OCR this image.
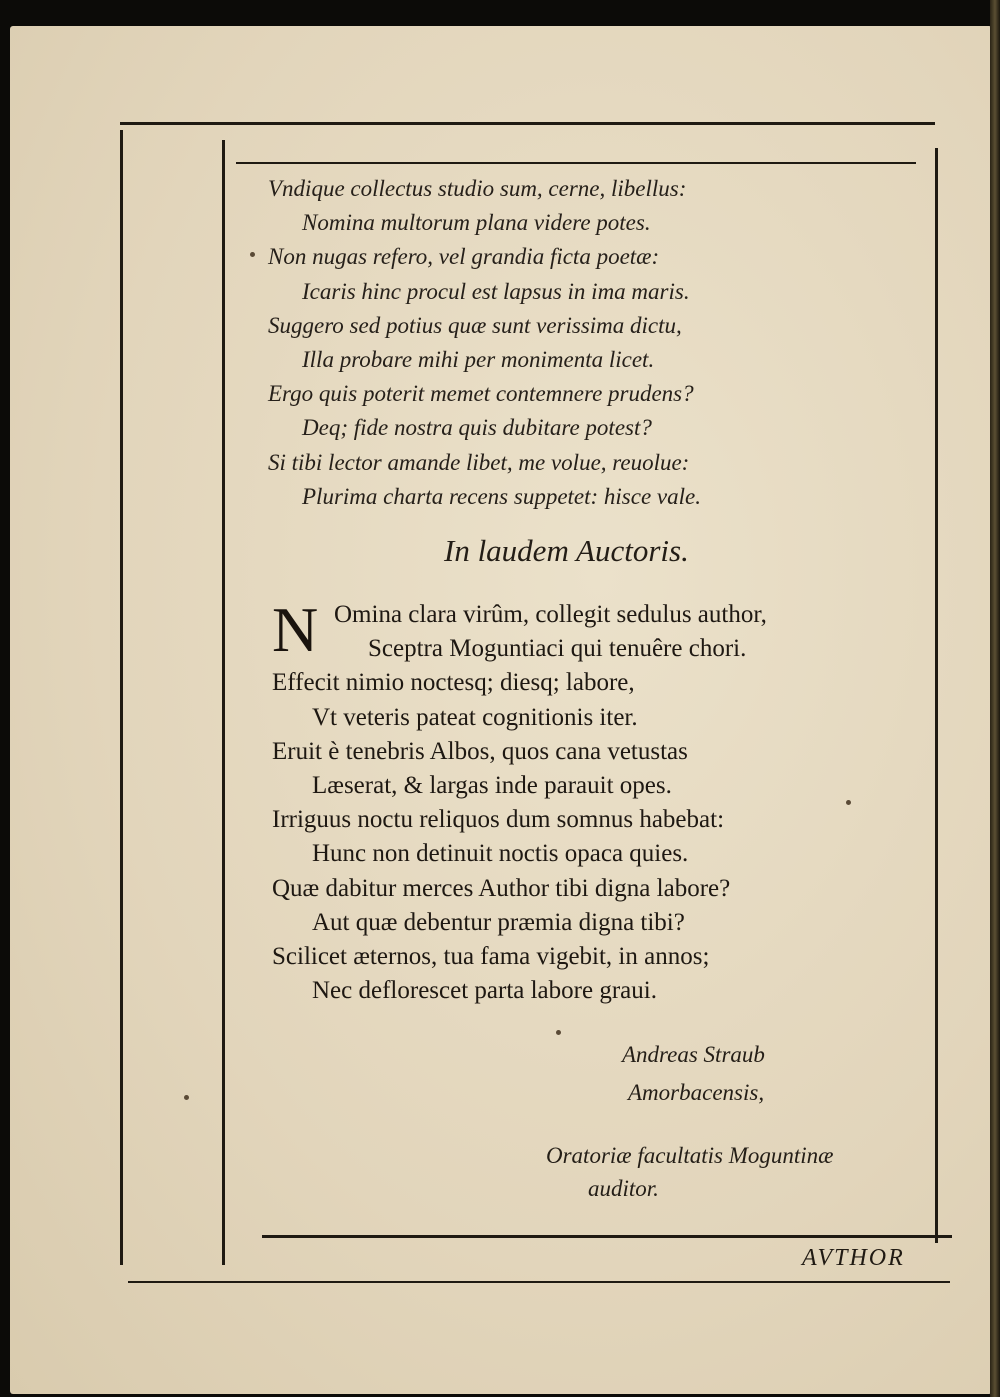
Vndique collectus studio sum, cerne, libellus:
Nomina multorum plana videre potes.
Non nugas refero, vel grandia ficta poetæ:
Icaris hinc procul est lapsus in ima maris.
Suggero sed potius quæ sunt verissima dictu,
Illa probare mihi per monimenta licet.
Ergo quis poterit memet contemnere prudens?
Deq; fide nostra quis dubitare potest?
Si tibi lector amande libet, me volue, reuolue:
Plurima charta recens suppetet: hisce vale.
In laudem Auctoris.
N Omina clara virûm, collegit sedulus author,
Sceptra Moguntiaci qui tenuêre chori.
Effecit nimio noctesq; diesq; labore,
Vt veteris pateat cognitionis iter.
Eruit è tenebris Albos, quos cana vetustas
Læserat, & largas inde parauit opes.
Irriguus noctu reliquos dum somnus habebat:
Hunc non detinuit noctis opaca quies.
Quæ dabitur merces Author tibi digna labore?
Aut quæ debentur præmia digna tibi?
Scilicet æternos, tua fama vigebit, in annos;
Nec deflorescet parta labore graui.
Andreas Straub
Amorbacensis,
Oratoriæ facultatis Moguntinæ
auditor.
AVTHOR
